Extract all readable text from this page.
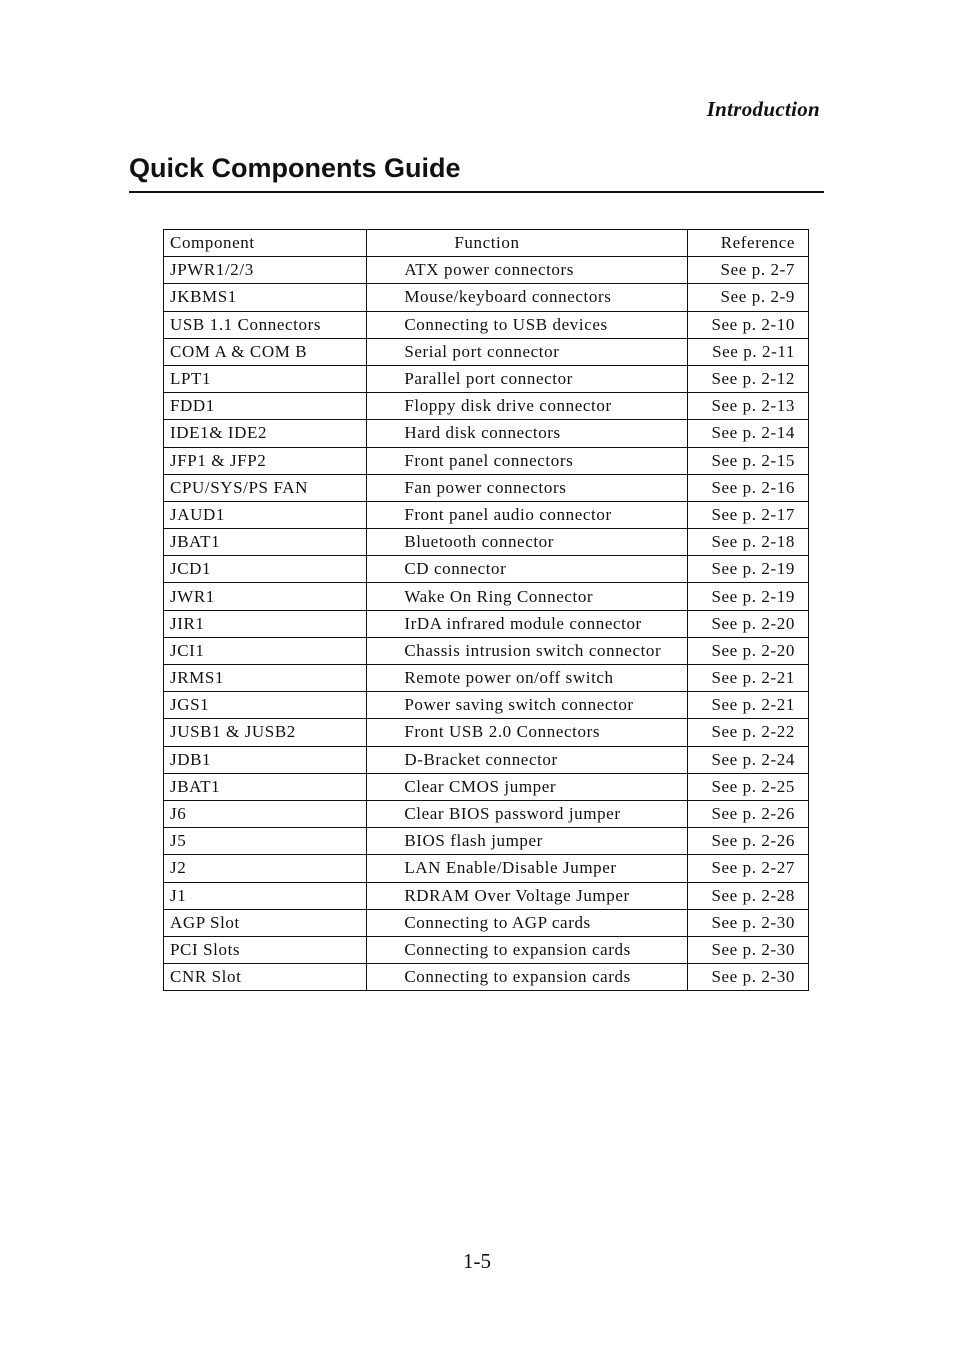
Introduction
Quick Components Guide
Component	Function	Reference
JPWR1/2/3	ATX power connectors	See p. 2-7
JKBMS1	Mouse/keyboard connectors	See p. 2-9
USB 1.1 Connectors	Connecting to USB devices	See p. 2-10
COM A & COM B	Serial port connector	See p. 2-11
LPT1	Parallel port connector	See p. 2-12
FDD1	Floppy disk drive connector	See p. 2-13
IDE1& IDE2	Hard disk connectors	See p. 2-14
JFP1 & JFP2	Front panel connectors	See p. 2-15
CPU/SYS/PS FAN	Fan power connectors	See p. 2-16
JAUD1	Front panel audio connector	See p. 2-17
JBAT1	Bluetooth connector	See p. 2-18
JCD1	CD connector	See p. 2-19
JWR1	Wake On Ring Connector	See p. 2-19
JIR1	IrDA infrared module connector	See p. 2-20
JCI1	Chassis intrusion switch connector	See p. 2-20
JRMS1	Remote power on/off switch	See p. 2-21
JGS1	Power saving switch connector	See p. 2-21
JUSB1 & JUSB2	Front USB 2.0 Connectors	See p. 2-22
JDB1	D-Bracket connector	See p. 2-24
JBAT1	Clear CMOS jumper	See p. 2-25
J6	Clear BIOS password jumper	See p. 2-26
J5	BIOS flash jumper	See p. 2-26
J2	LAN Enable/Disable Jumper	See p. 2-27
J1	RDRAM Over Voltage Jumper	See p. 2-28
AGP Slot	Connecting to AGP cards	See p. 2-30
PCI Slots	Connecting to expansion cards	See p. 2-30
CNR Slot	Connecting to expansion cards	See p. 2-30
1-5
